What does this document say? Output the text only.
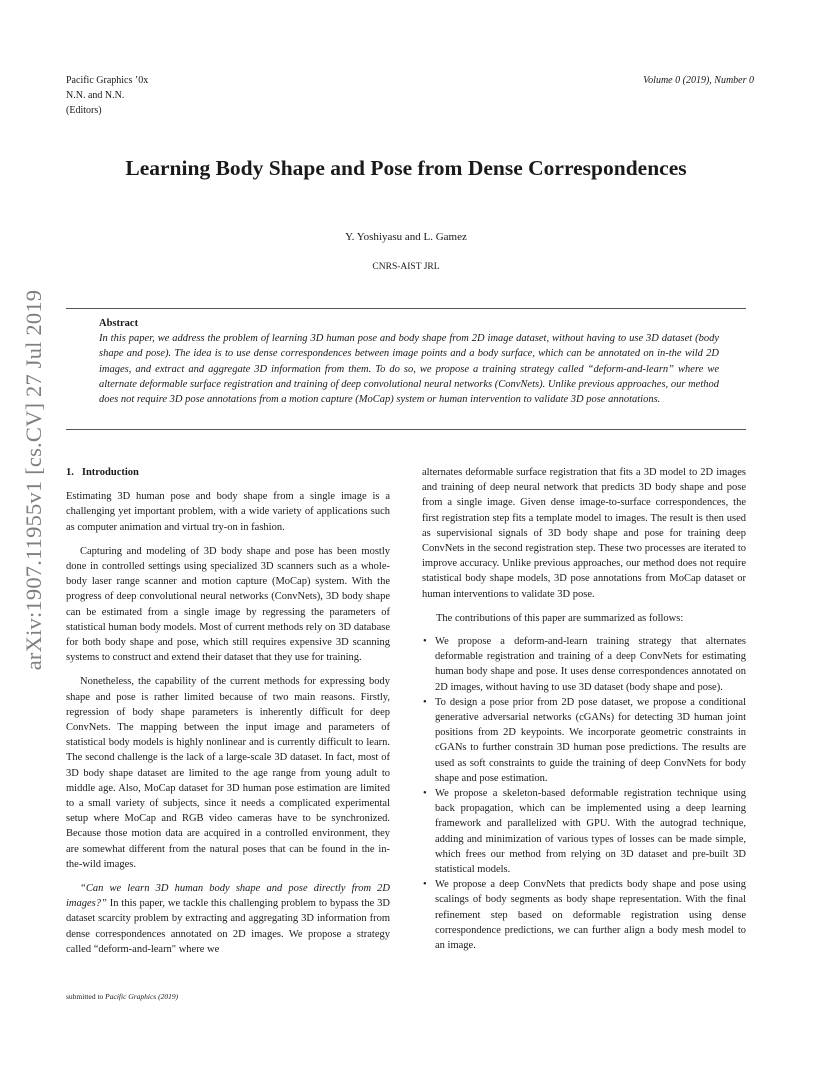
Pacific Graphics ’0x
N.N. and N.N.
(Editors)
Volume 0 (2019), Number 0
arXiv:1907.11955v1 [cs.CV] 27 Jul 2019
Learning Body Shape and Pose from Dense Correspondences
Y. Yoshiyasu and L. Gamez
CNRS-AIST JRL
Abstract
In this paper, we address the problem of learning 3D human pose and body shape from 2D image dataset, without having to use 3D dataset (body shape and pose). The idea is to use dense correspondences between image points and a body surface, which can be annotated on in-the wild 2D images, and extract and aggregate 3D information from them. To do so, we propose a training strategy called “deform-and-learn” where we alternate deformable surface registration and training of deep convolutional neural networks (ConvNets). Unlike previous approaches, our method does not require 3D pose annotations from a motion capture (MoCap) system or human intervention to validate 3D pose annotations.

1. Introduction

Estimating 3D human pose and body shape from a single image is a challenging yet important problem, with a wide variety of applications such as computer animation and virtual try-on in fashion.

Capturing and modeling of 3D body shape and pose has been mostly done in controlled settings using specialized 3D scanners such as a whole-body laser range scanner and motion capture (MoCap) system. With the progress of deep convolutional neural networks (ConvNets), 3D body shape can be estimated from a single image by regressing the parameters of statistical human body models. Most of current methods rely on 3D database for both body shape and pose, which still requires expensive 3D scanning systems to construct and extend their dataset that they use for training.

Nonetheless, the capability of the current methods for expressing body shape and pose is rather limited because of two main reasons. Firstly, regression of body shape parameters is inherently difficult for deep ConvNets. The mapping between the input image and parameters of statistical body models is highly nonlinear and is currently difficult to learn. The second challenge is the lack of a large-scale 3D dataset. In fact, most of 3D body shape dataset are limited to the age range from young adult to middle age. Also, MoCap dataset for 3D human pose estimation are limited to a small variety of subjects, since it needs a complicated experimental setup where MoCap and RGB video cameras have to be synchronized. Because those motion data are acquired in a controlled environment, they are somewhat different from the natural poses that can be found in the in-the-wild images.

“Can we learn 3D human body shape and pose directly from 2D images?” In this paper, we tackle this challenging problem to bypass the 3D dataset scarcity problem by extracting and aggregating 3D information from dense correspondences annotated on 2D images. We propose a strategy called “deform-and-learn" where we

alternates deformable surface registration that fits a 3D model to 2D images and training of deep neural network that predicts 3D body shape and pose from a single image. Given dense image-to-surface correspondences, the first registration step fits a template model to images. The result is then used as supervisional signals of 3D body shape and pose for training deep ConvNets in the second registration step. These two processes are iterated to improve accuracy. Unlike previous approaches, our method does not require statistical body shape models, 3D pose annotations from MoCap dataset or human interventions to validate 3D pose.

The contributions of this paper are summarized as follows:

• We propose a deform-and-learn training strategy that alternates deformable registration and training of a deep ConvNets for estimating human body shape and pose. It uses dense correspondences annotated on 2D images, without having to use 3D dataset (body shape and pose).
• To design a pose prior from 2D pose dataset, we propose a conditional generative adversarial networks (cGANs) for detecting 3D human joint positions from 2D keypoints. We incorporate geometric constraints in cGANs to further constrain 3D human pose predictions. The results are used as soft constraints to guide the training of deep ConvNets for body shape and pose estimation.
• We propose a skeleton-based deformable registration technique using back propagation, which can be implemented using a deep learning framework and parallelized with GPU. With the autograd technique, adding and minimization of various types of losses can be made simple, which frees our method from relying on 3D dataset and pre-built 3D statistical models.
• We propose a deep ConvNets that predicts body shape and pose using scalings of body segments as body shape representation. With the final refinement step based on deformable registration using dense correspondence predictions, we can further align a body mesh model to an image.
submitted to Pacific Graphics (2019)
